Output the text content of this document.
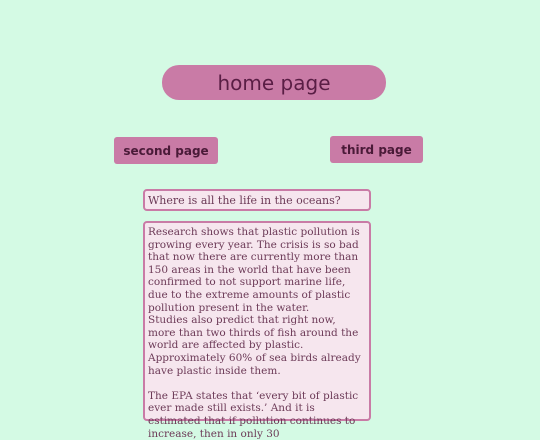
home page
second page	third page
Where is all the life in the oceans?

Research shows that plastic pollution is growing every year. The crisis is so bad that now there are currently more than 150 areas in the world that have been confirmed to not support marine life, due to the extreme amounts of plastic pollution present in the water.

Studies also predict that right now, more than two thirds of fish around the world are affected by plastic. Approximately 60% of sea birds already have plastic inside them.

The EPA states that ‘every bit of plastic ever made still exists.’ And it is estimated that if pollution continues to increase, then in only 30
